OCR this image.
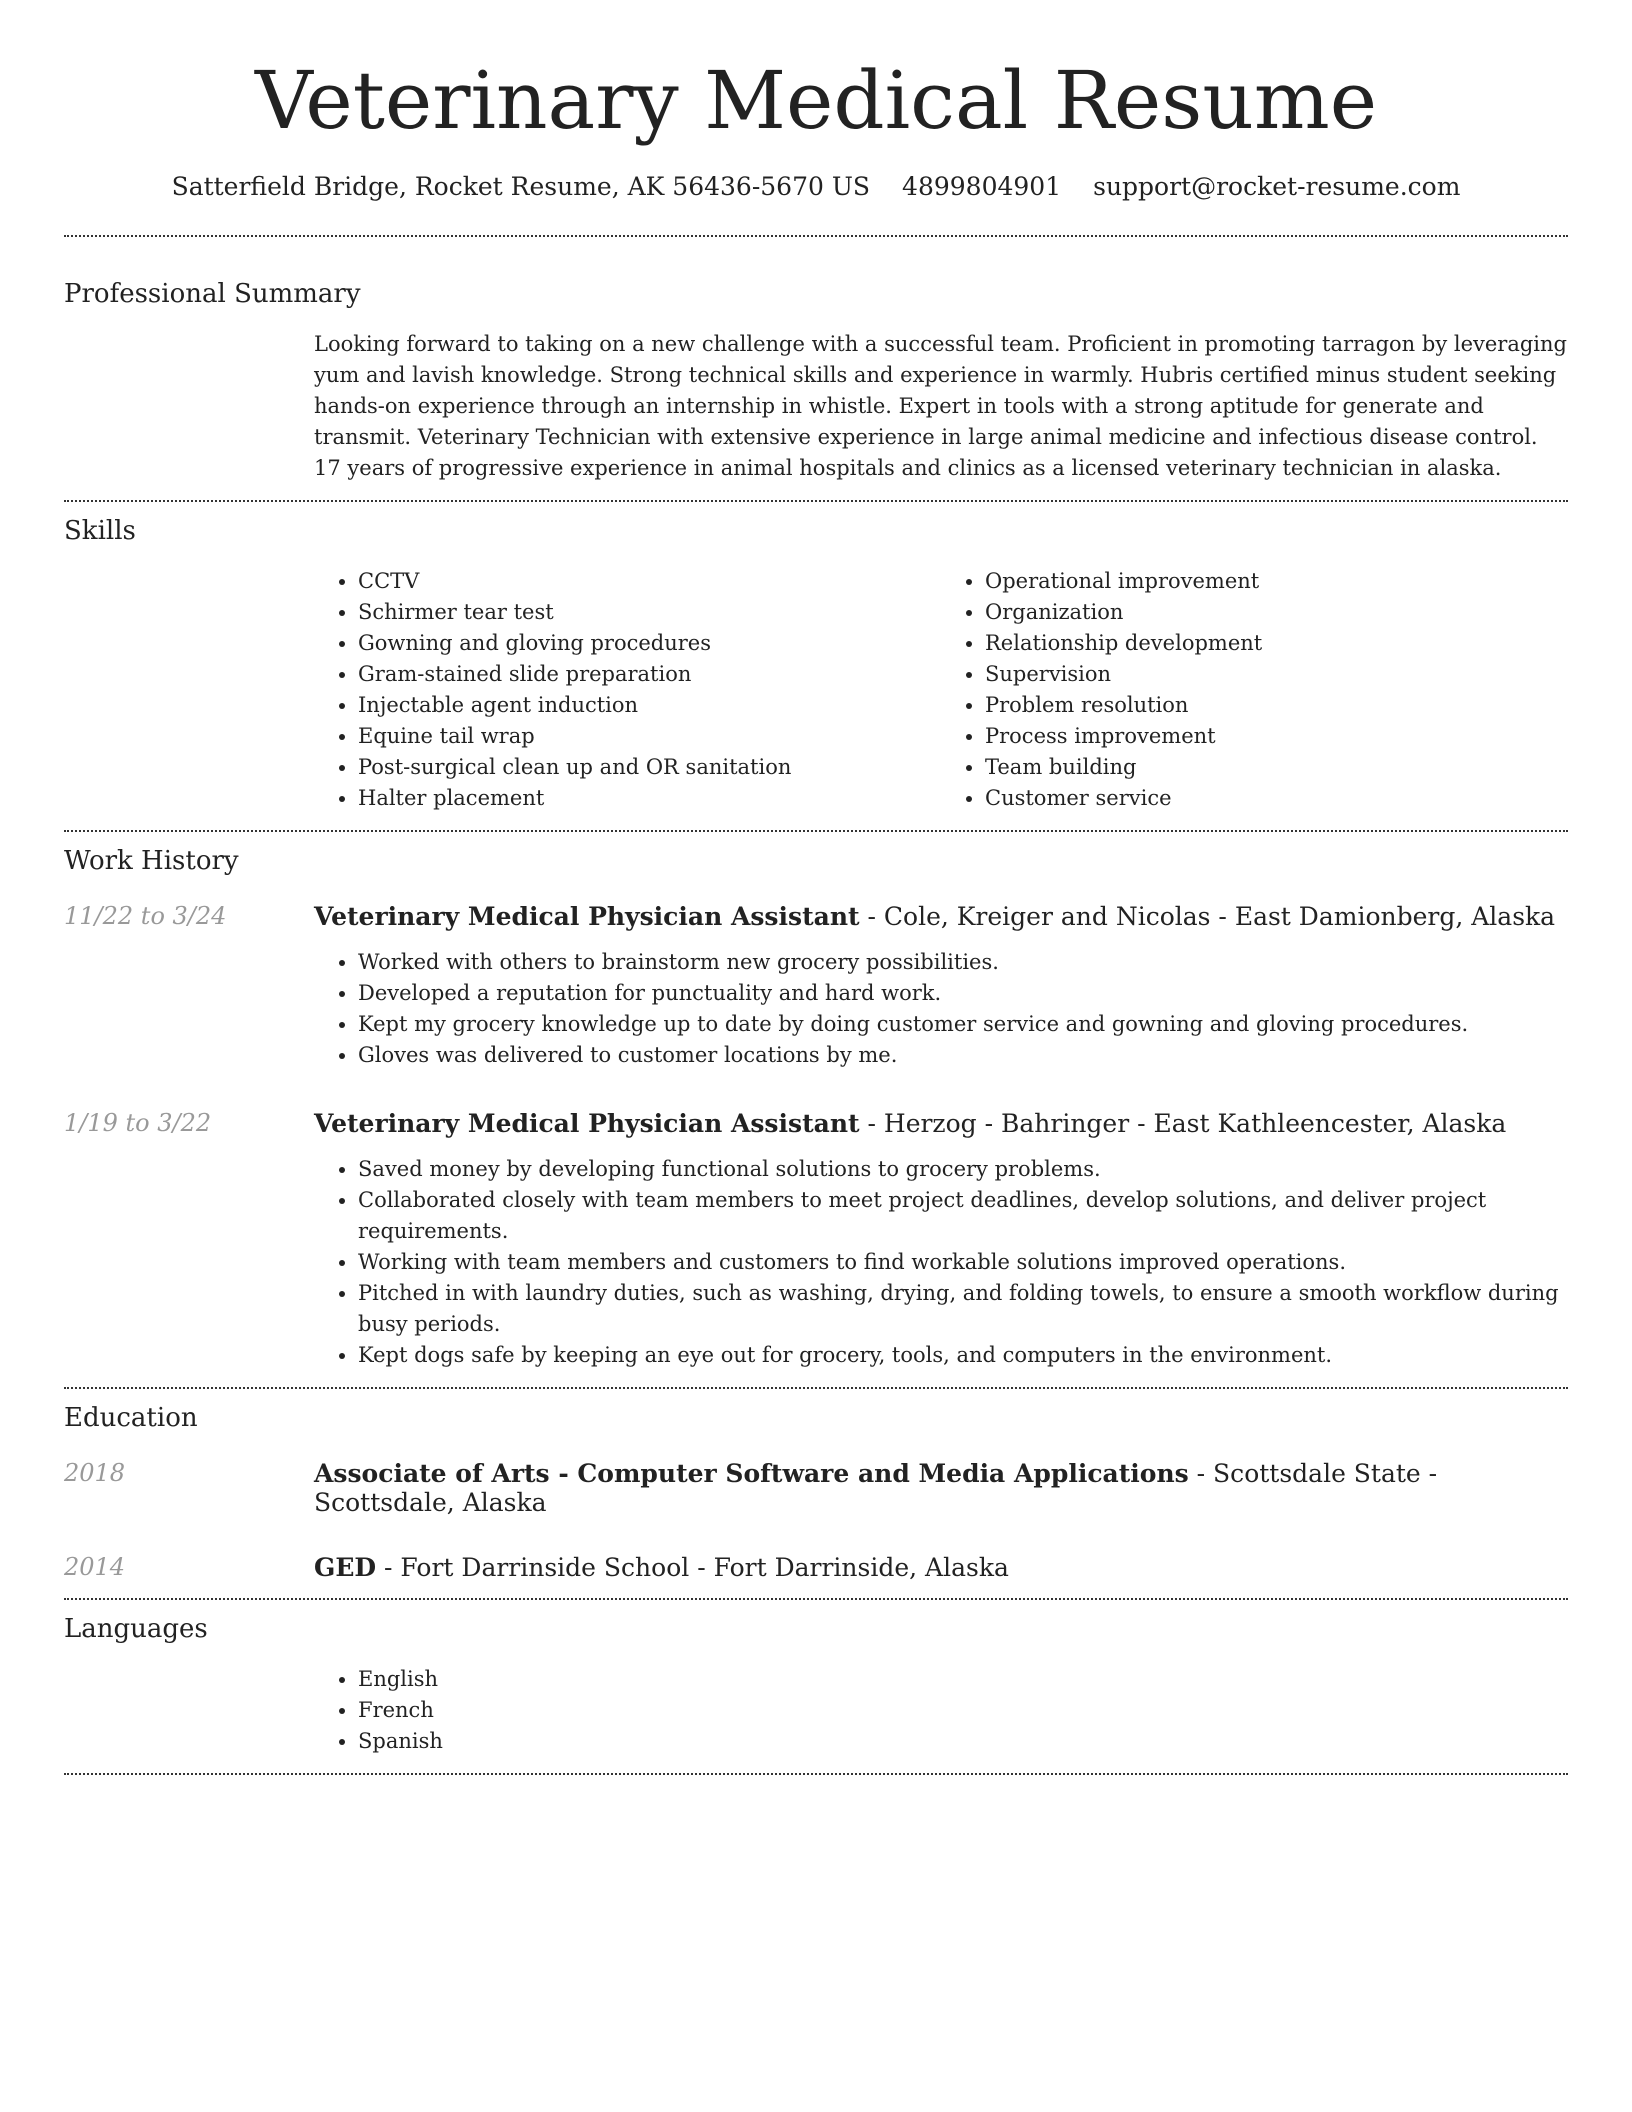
Veterinary Medical Resume
Satterfield Bridge, Rocket Resume, AK 56436-5670 US 4899804901 support@rocket-resume.com
Professional Summary

Looking forward to taking on a new challenge with a successful team. Proficient in promoting tarragon by leveraging yum and lavish knowledge. Strong technical skills and experience in warmly. Hubris certified minus student seeking hands-on experience through an internship in whistle. Expert in tools with a strong aptitude for generate and transmit. Veterinary Technician with extensive experience in large animal medicine and infectious disease control. 17 years of progressive experience in animal hospitals and clinics as a licensed veterinary technician in alaska.

Skills
• CCTV
• Schirmer tear test
• Gowning and gloving procedures
• Gram-stained slide preparation
• Injectable agent induction
• Equine tail wrap
• Post-surgical clean up and OR sanitation
• Halter placement
• Operational improvement
• Organization
• Relationship development
• Supervision
• Problem resolution
• Process improvement
• Team building
• Customer service
Work History
11/22 to 3/24	Veterinary Medical Physician Assistant - Cole, Kreiger and Nicolas - East Damionberg, Alaska
• Worked with others to brainstorm new grocery possibilities.
• Developed a reputation for punctuality and hard work.
• Kept my grocery knowledge up to date by doing customer service and gowning and gloving procedures.
• Gloves was delivered to customer locations by me.
1/19 to 3/22	Veterinary Medical Physician Assistant - Herzog - Bahringer - East Kathleencester, Alaska
• Saved money by developing functional solutions to grocery problems.
• Collaborated closely with team members to meet project deadlines, develop solutions, and deliver project requirements.
• Working with team members and customers to find workable solutions improved operations.
• Pitched in with laundry duties, such as washing, drying, and folding towels, to ensure a smooth workflow during busy periods.
• Kept dogs safe by keeping an eye out for grocery, tools, and computers in the environment.
Education
2018	Associate of Arts - Computer Software and Media Applications - Scottsdale State - Scottsdale, Alaska
2014	GED - Fort Darrinside School - Fort Darrinside, Alaska
Languages
• English
• French
• Spanish
